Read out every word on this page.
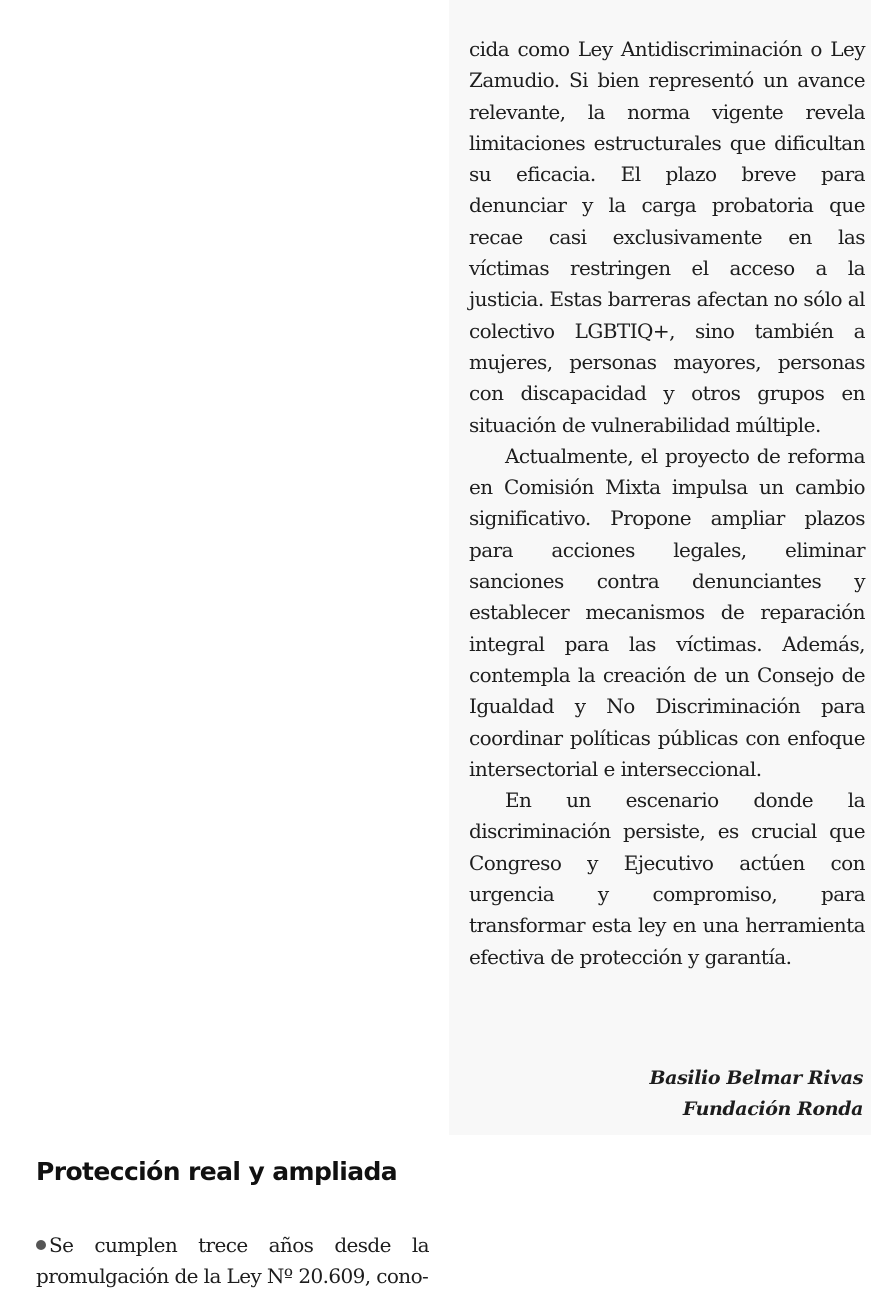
cida como Ley Antidiscriminación o Ley Zamudio. Si bien representó un avance relevante, la norma vigente revela limitaciones estructurales que dificultan su eficacia. El plazo breve para denunciar y la carga probatoria que recae casi exclusivamente en las víctimas restringen el acceso a la justicia. Estas barreras afectan no sólo al colectivo LGBTIQ+, sino también a mujeres, personas mayores, personas con discapacidad y otros grupos en situación de vulnerabilidad múltiple.

Actualmente, el proyecto de reforma en Comisión Mixta impulsa un cambio significativo. Propone ampliar plazos para acciones legales, eliminar sanciones contra denunciantes y establecer mecanismos de reparación integral para las víctimas. Además, contempla la creación de un Consejo de Igualdad y No Discriminación para coordinar políticas públicas con enfoque intersectorial e interseccional.

En un escenario donde la discriminación persiste, es crucial que Congreso y Ejecutivo actúen con urgencia y compromiso, para transformar esta ley en una herramienta efectiva de protección y garantía.

Basilio Belmar Rivas
Fundación Ronda
Protección real y ampliada
Se cumplen trece años desde la promulgación de la Ley Nº 20.609, cono-
